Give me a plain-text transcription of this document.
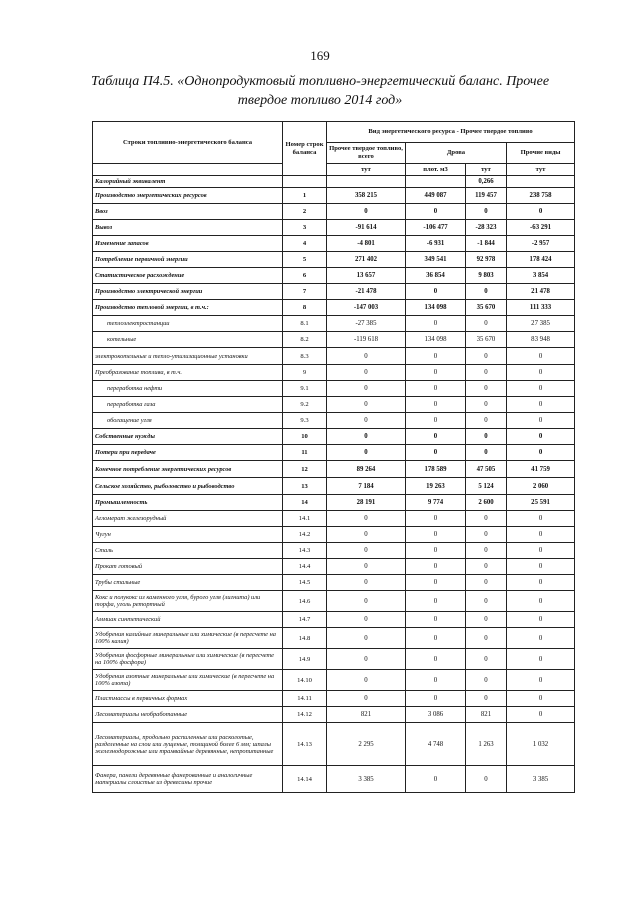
169
Таблица П4.5. «Однопродуктовый топливно-энергетический баланс. Прочее
твердое топливо 2014 год»
Строки топливно-энергетического баланса	Номер строк баланса	Вид энергетического ресурса - Прочее твердое топливо			
		Прочее твердое топливо, всего	Дрова		Прочие виды
		тут	плот. м3	тут	тут
Калорийный эквивалент				0,266	
Производство энергетических ресурсов	1	358 215	449 087	119 457	238 758
Ввоз	2	0	0	0	0
Вывоз	3	-91 614	-106 477	-28 323	-63 291
Изменение запасов	4	-4 801	-6 931	-1 844	-2 957
Потребление первичной энергии	5	271 402	349 541	92 978	178 424
Статистическое расхождение	6	13 657	36 854	9 803	3 854
Производство электрической энергии	7	-21 478	0	0	21 478
Производство тепловой энергии, в т.ч.:	8	-147 003	134 098	35 670	111 333
теплоэлектростанции	8.1	-27 385	0	0	27 385
котельные	8.2	-119 618	134 098	35 670	83 948
электрокотельные и тепло-утилизационные установки	8.3	0	0	0	0
Преобразование топлива, в т.ч.	9	0	0	0	0
переработка нефти	9.1	0	0	0	0
переработка газа	9.2	0	0	0	0
обогащение угля	9.3	0	0	0	0
Собственные нужды	10	0	0	0	0
Потери при передаче	11	0	0	0	0
Конечное потребление энергетических ресурсов	12	89 264	178 589	47 505	41 759
Сельское хозяйство, рыболовство и рыбоводство	13	7 184	19 263	5 124	2 060
Промышленность	14	28 191	9 774	2 600	25 591
Агломерат железорудный	14.1	0	0	0	0
Чугун	14.2	0	0	0	0
Сталь	14.3	0	0	0	0
Прокат готовый	14.4	0	0	0	0
Трубы стальные	14.5	0	0	0	0
Кокс и полукокс из каменного угля, бурого угля (лигнита) или торфа, уголь ретортный	14.6	0	0	0	0
Аммиак синтетический	14.7	0	0	0	0
Удобрения калийные минеральные или химические (в пересчете на 100% калия)	14.8	0	0	0	0
Удобрения фосфорные минеральные или химические (в пересчете на 100% фосфора)	14.9	0	0	0	0
Удобрения азотные минеральные или химические (в пересчете на 100% азота)	14.10	0	0	0	0
Пластмассы в первичных формах	14.11	0	0	0	0
Лесоматериалы необработанные	14.12	821	3 086	821	0
Лесоматериалы, продольно распиленные или расколотые, разделенные на слои или лущеные, толщиной более 6 мм; шпалы железнодорожные или трамвайные деревянные, непропитанные	14.13	2 295	4 748	1 263	1 032
Фанера, панели деревянные фанерованные и аналогичные материалы слоистые из древесины прочие	14.14	3 385	0	0	3 385
